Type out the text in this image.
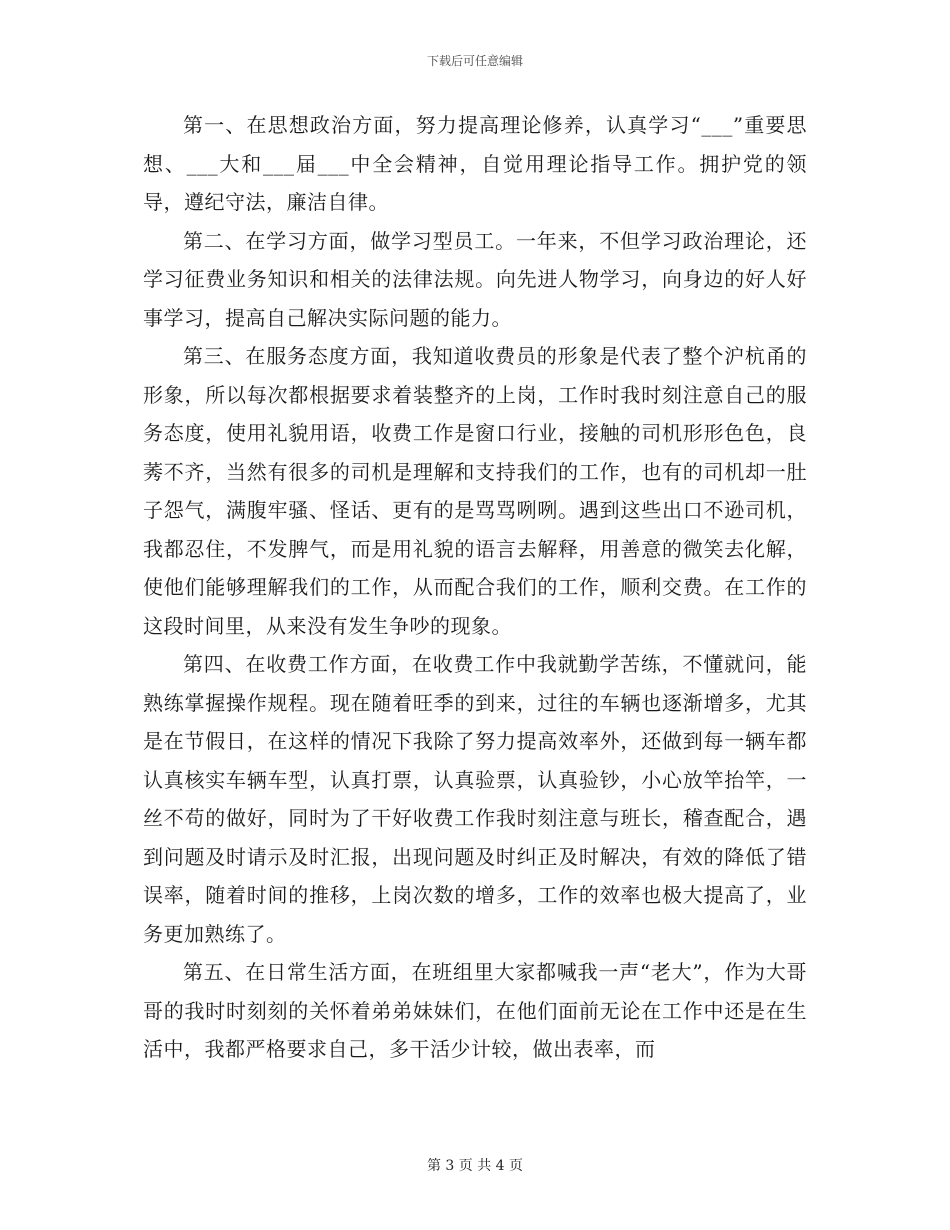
下载后可任意编辑

第一、在思想政治方面，努力提高理论修养，认真学习“___”重要思想、___大和___届___中全会精神，自觉用理论指导工作。拥护党的领导，遵纪守法，廉洁自律。

第二、在学习方面，做学习型员工。一年来，不但学习政治理论，还学习征费业务知识和相关的法律法规。向先进人物学习，向身边的好人好事学习，提高自己解决实际问题的能力。

第三、在服务态度方面，我知道收费员的形象是代表了整个沪杭甬的形象，所以每次都根据要求着装整齐的上岗，工作时我时刻注意自己的服务态度，使用礼貌用语，收费工作是窗口行业，接触的司机形形色色，良莠不齐，当然有很多的司机是理解和支持我们的工作，也有的司机却一肚子怨气，满腹牢骚、怪话、更有的是骂骂咧咧。遇到这些出口不逊司机，我都忍住，不发脾气，而是用礼貌的语言去解释，用善意的微笑去化解，使他们能够理解我们的工作，从而配合我们的工作，顺利交费。在工作的这段时间里，从来没有发生争吵的现象。

第四、在收费工作方面，在收费工作中我就勤学苦练，不懂就问，能熟练掌握操作规程。现在随着旺季的到来，过往的车辆也逐渐增多，尤其是在节假日，在这样的情况下我除了努力提高效率外，还做到每一辆车都认真核实车辆车型，认真打票，认真验票，认真验钞，小心放竿抬竿，一丝不苟的做好，同时为了干好收费工作我时刻注意与班长，稽查配合，遇到问题及时请示及时汇报，出现问题及时纠正及时解决，有效的降低了错误率，随着时间的推移，上岗次数的增多，工作的效率也极大提高了，业务更加熟练了。

第五、在日常生活方面，在班组里大家都喊我一声“老大”，作为大哥哥的我时时刻刻的关怀着弟弟妹妹们，在他们面前无论在工作中还是在生活中，我都严格要求自己，多干活少计较，做出表率，而

第 3 页 共 4 页
